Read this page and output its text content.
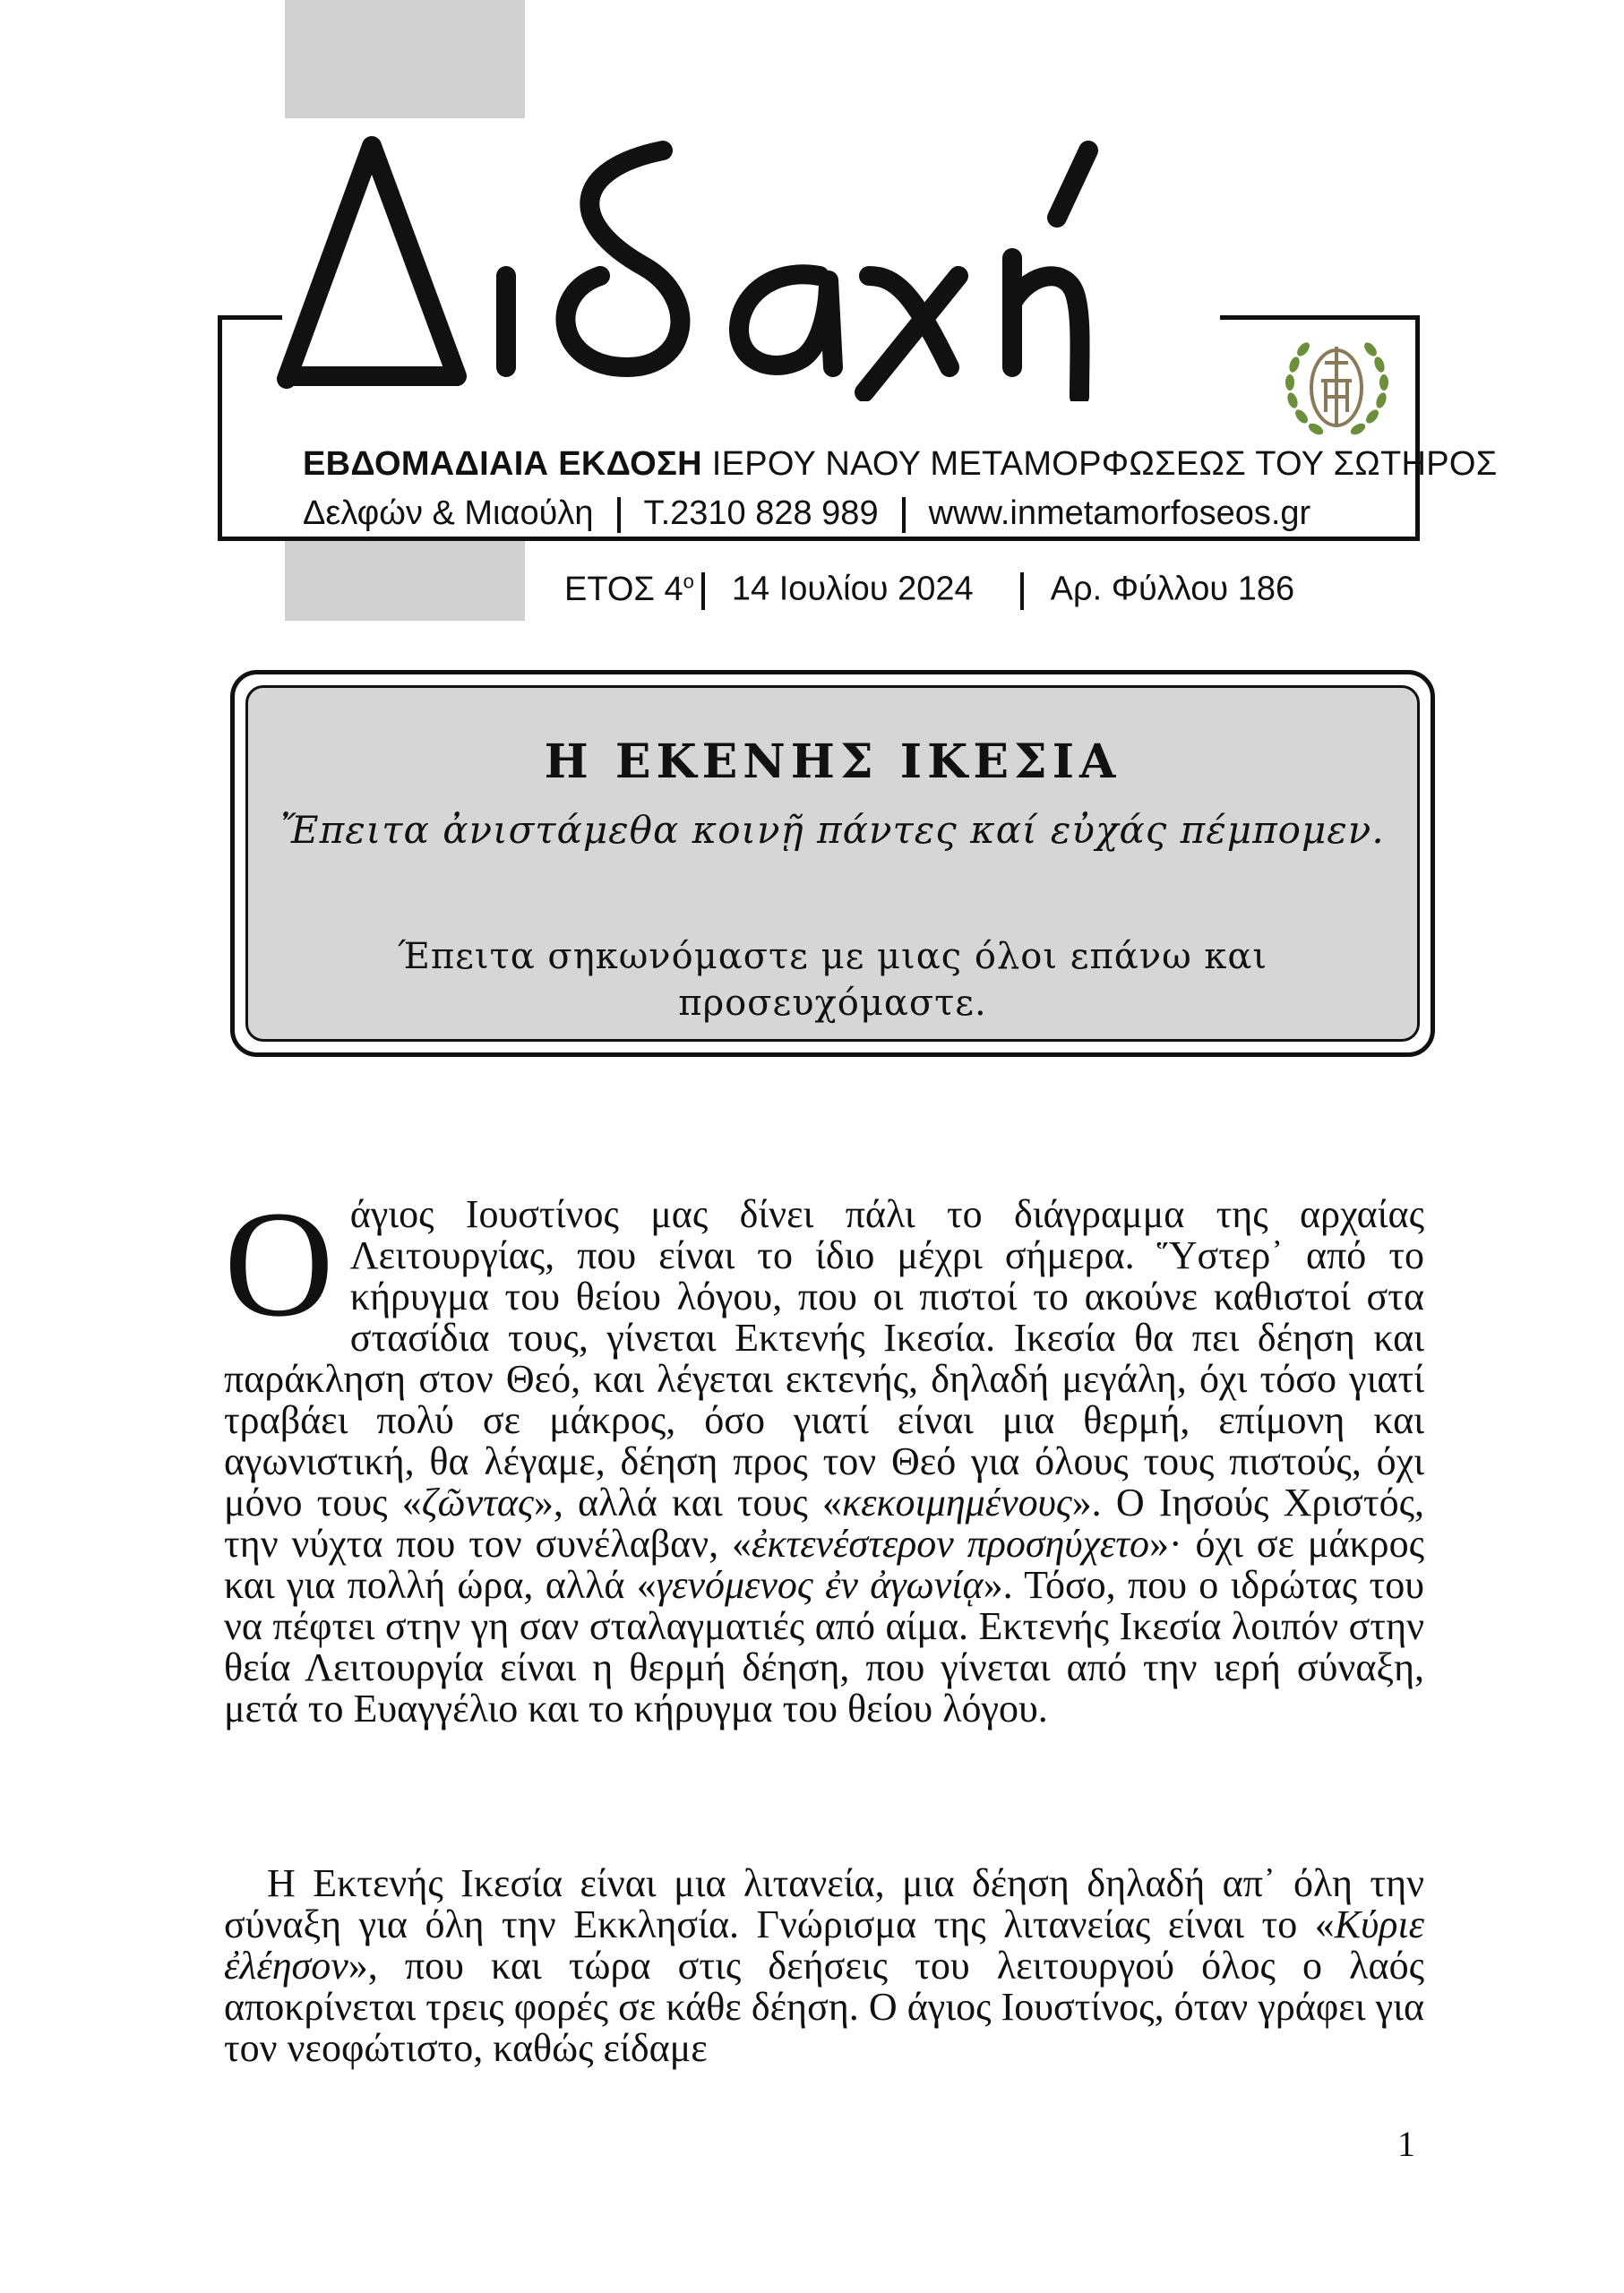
ΕΒΔΟΜΑΔΙΑΙΑ ΕΚΔΟΣΗ ΙΕΡΟΥ ΝΑΟΥ ΜΕΤΑΜΟΡΦΩΣΕΩΣ ΤΟΥ ΣΩΤΗΡΟΣ
Δελφών & Μιαούλη Τ.2310 828 989 www.inmetamorfoseos.gr
ΕΤΟΣ $4^o$ 14 Ιουλίου 2024 Αρ. Φύλλου 186
Η ΕΚΕΝΗΣ ΙΚΕΣΙΑ
Ἔπειτα ἀνιστάμεθα κοινῇ πάντες καί εὐχάς πέμπομεν.
Έπειτα σηκωνόμαστε με μιας όλοι επάνω και προσευχόμαστε.
Οάγιος Ιουστίνος μας δίνει πάλι το διάγραμμα της αρχαίας Λειτουργίας, που είναι το ίδιο μέχρι σήμερα. Ὕστερ᾽ από το κήρυγμα του θείου λόγου, που οι πιστοί το ακούνε καθιστοί στα στασίδια τους, γίνεται Εκτενής Ικεσία. Ικεσία θα πει δέηση και παράκληση στον Θεό, και λέγεται εκτενής, δηλαδή μεγάλη, όχι τόσο γιατί τραβάει πολύ σε μάκρος, όσο γιατί είναι μια θερμή, επίμονη και αγωνιστική, θα λέγαμε, δέηση προς τον Θεό για όλους τους πιστούς, όχι μόνο τους «ζῶντας», αλλά και τους «κεκοιμημένους». Ο Ιησούς Χριστός, την νύχτα που τον συνέλαβαν, «ἐκτενέστερον προσηύχετο»· όχι σε μάκρος και για πολλή ώρα, αλλά «γενόμενος ἐν ἀγωνίᾳ». Τόσο, που ο ιδρώτας του να πέφτει στην γη σαν σταλαγματιές από αίμα. Εκτενής Ικεσία λοιπόν στην θεία Λειτουργία είναι η θερμή δέηση, που γίνεται από την ιερή σύναξη, μετά το Ευαγγέλιο και το κήρυγμα του θείου λόγου.
Η Εκτενής Ικεσία είναι μια λιτανεία, μια δέηση δηλαδή απ᾽ όλη την σύναξη για όλη την Εκκλησία. Γνώρισμα της λιτανείας είναι το «Κύριε ἐλέησον», που και τώρα στις δεήσεις του λειτουργού όλος ο λαός αποκρίνεται τρεις φορές σε κάθε δέηση. Ο άγιος Ιουστίνος, όταν γράφει για τον νεοφώτιστο, καθώς είδαμε
1
